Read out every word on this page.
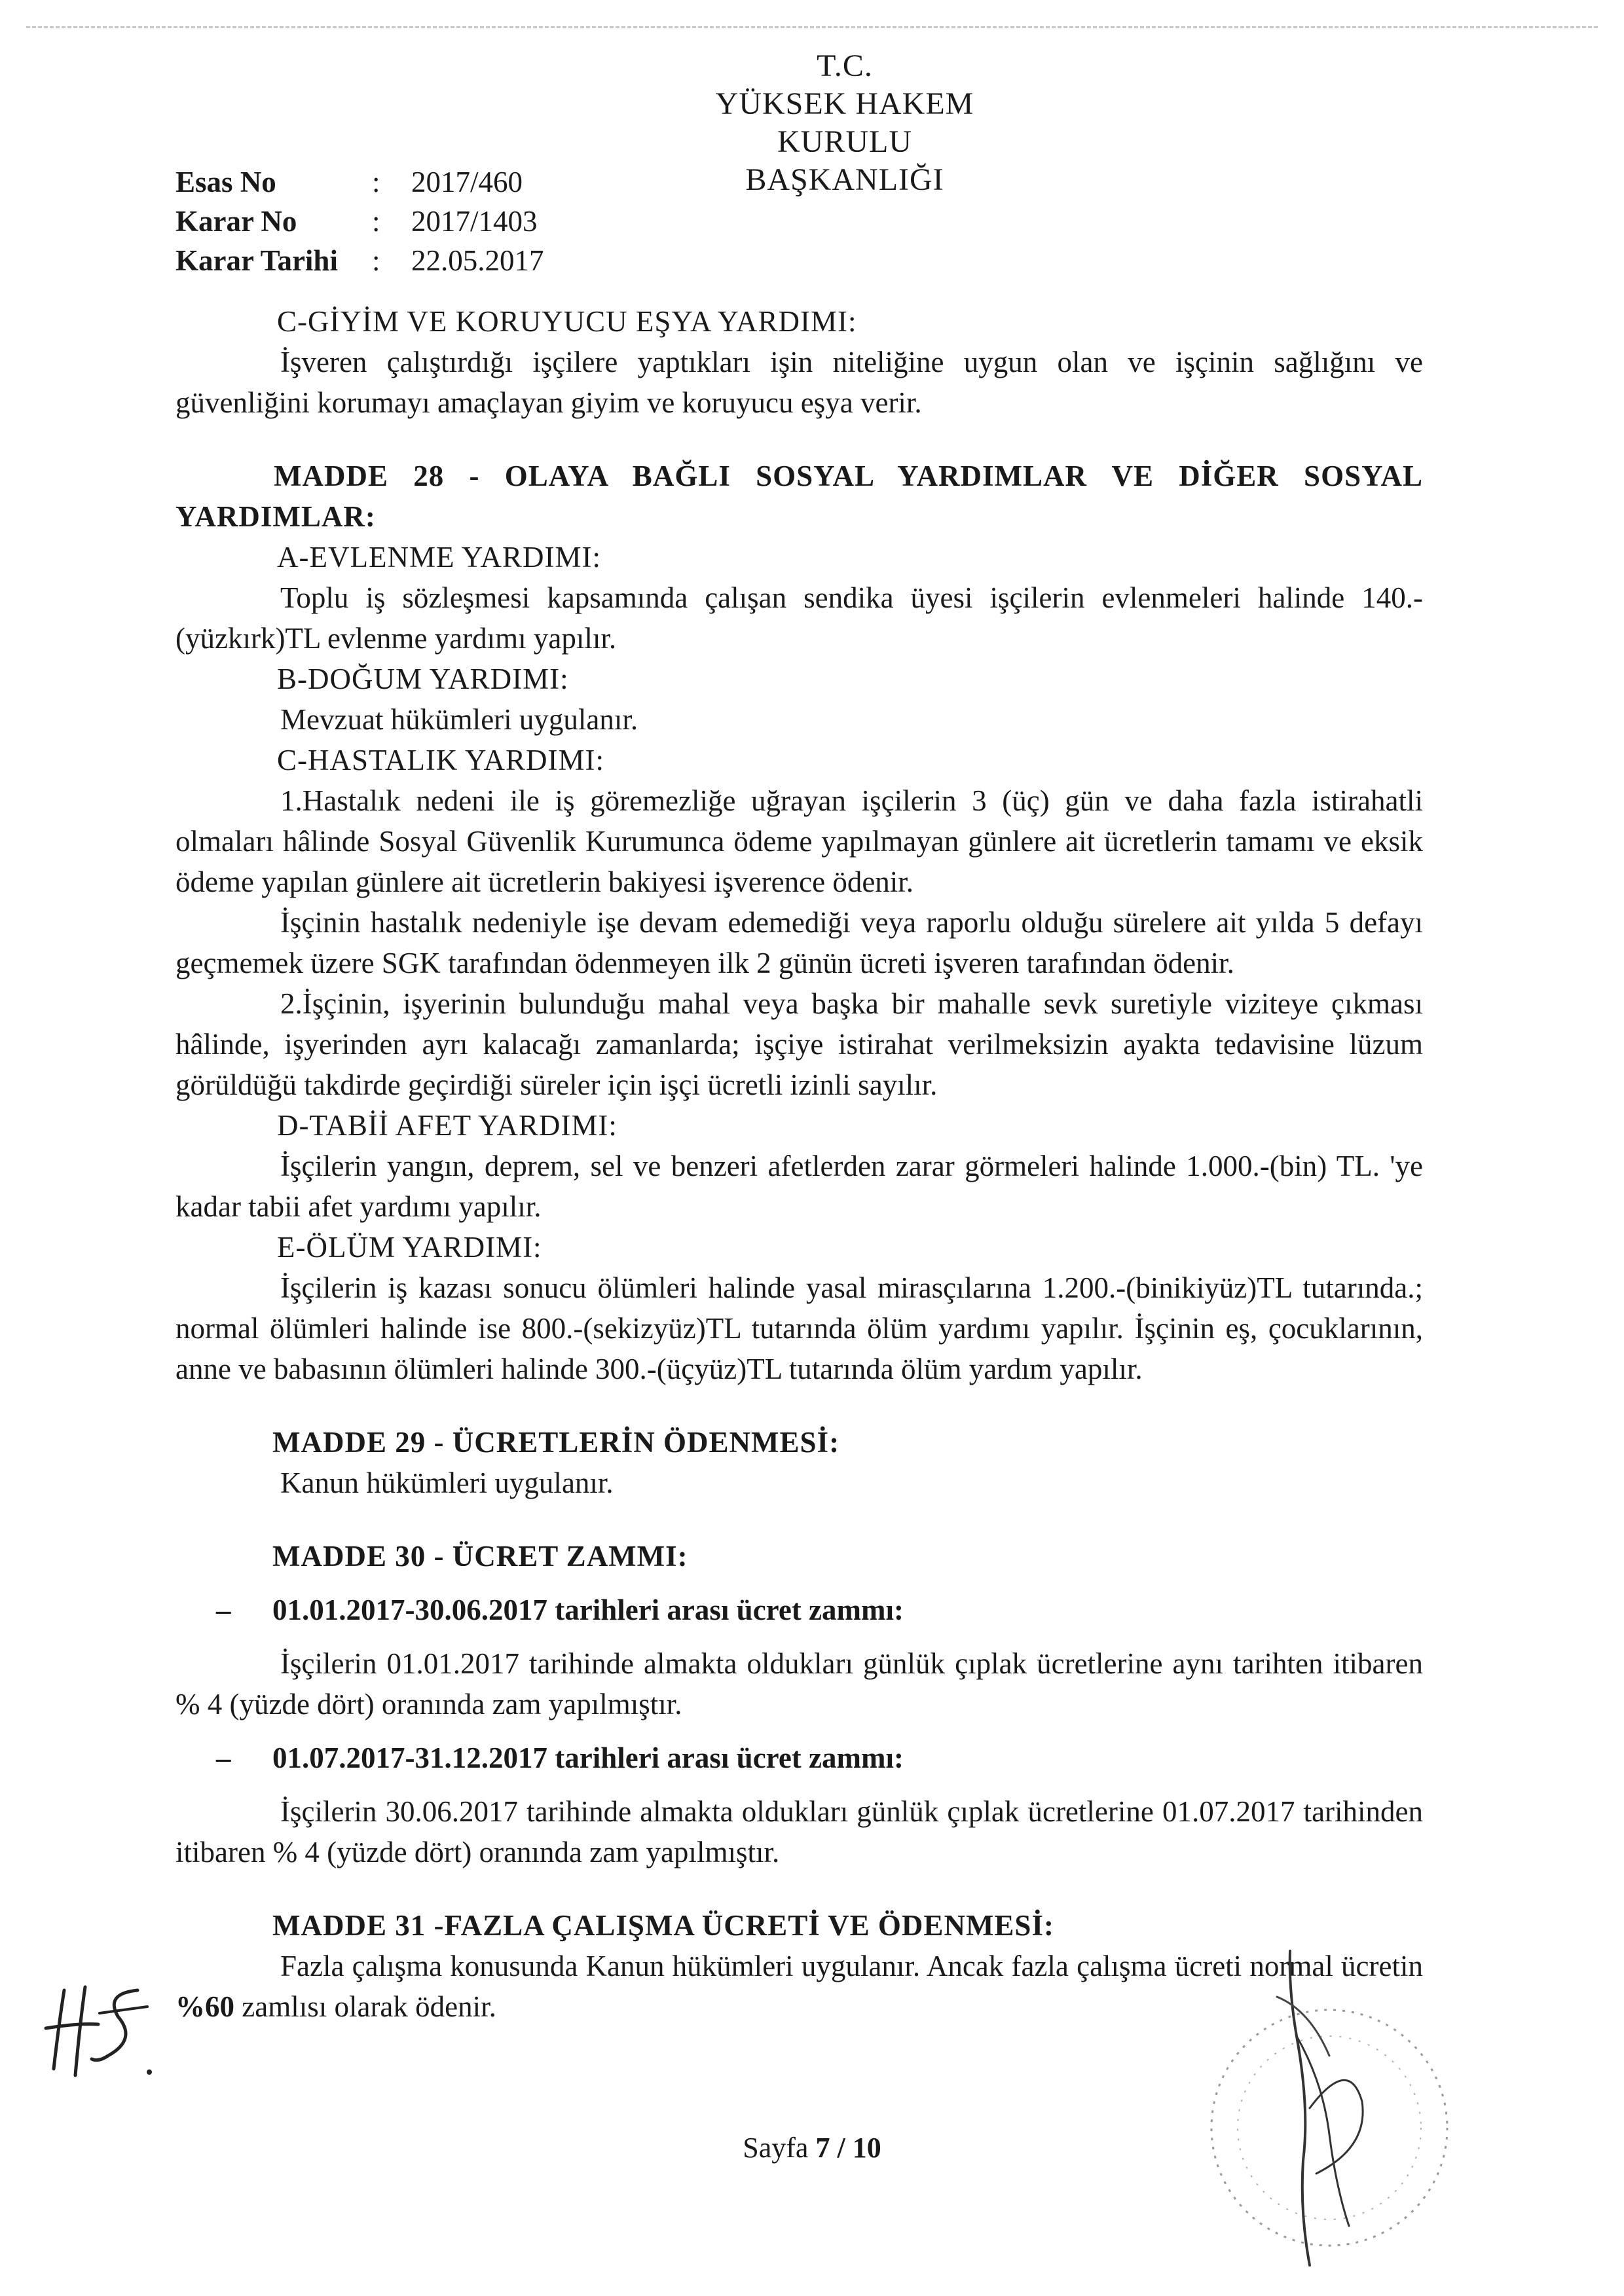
T.C.
YÜKSEK HAKEM KURULU
BAŞKANLIĞI
Esas No	:	2017/460
Karar No	:	2017/1403
Karar Tarihi	:	22.05.2017

C-GİYİM VE KORUYUCU EŞYA YARDIMI:

İşveren çalıştırdığı işçilere yaptıkları işin niteliğine uygun olan ve işçinin sağlığını ve güvenliğini korumayı amaçlayan giyim ve koruyucu eşya verir.

MADDE 28 - OLAYA BAĞLI SOSYAL YARDIMLAR VE DİĞER SOSYAL YARDIMLAR:

A-EVLENME YARDIMI:

Toplu iş sözleşmesi kapsamında çalışan sendika üyesi işçilerin evlenmeleri halinde 140.-(yüzkırk)TL evlenme yardımı yapılır.

B-DOĞUM YARDIMI:

Mevzuat hükümleri uygulanır.

C-HASTALIK YARDIMI:

1.Hastalık nedeni ile iş göremezliğe uğrayan işçilerin 3 (üç) gün ve daha fazla istirahatli olmaları hâlinde Sosyal Güvenlik Kurumunca ödeme yapılmayan günlere ait ücretlerin tamamı ve eksik ödeme yapılan günlere ait ücretlerin bakiyesi işverence ödenir.

İşçinin hastalık nedeniyle işe devam edemediği veya raporlu olduğu sürelere ait yılda 5 defayı geçmemek üzere SGK tarafından ödenmeyen ilk 2 günün ücreti işveren tarafından ödenir.

2.İşçinin, işyerinin bulunduğu mahal veya başka bir mahalle sevk suretiyle viziteye çıkması hâlinde, işyerinden ayrı kalacağı zamanlarda; işçiye istirahat verilmeksizin ayakta tedavisine lüzum görüldüğü takdirde geçirdiği süreler için işçi ücretli izinli sayılır.

D-TABİİ AFET YARDIMI:

İşçilerin yangın, deprem, sel ve benzeri afetlerden zarar görmeleri halinde 1.000.-(bin) TL. 'ye kadar tabii afet yardımı yapılır.

E-ÖLÜM YARDIMI:

İşçilerin iş kazası sonucu ölümleri halinde yasal mirasçılarına 1.200.-(binikiyüz)TL tutarında.; normal ölümleri halinde ise 800.-(sekizyüz)TL tutarında ölüm yardımı yapılır. İşçinin eş, çocuklarının, anne ve babasının ölümleri halinde 300.-(üçyüz)TL tutarında ölüm yardım yapılır.

MADDE 29 - ÜCRETLERİN ÖDENMESİ:

Kanun hükümleri uygulanır.

MADDE 30 - ÜCRET ZAMMI:

–	01.01.2017-30.06.2017 tarihleri arası ücret zammı:

İşçilerin 01.01.2017 tarihinde almakta oldukları günlük çıplak ücretlerine aynı tarihten itibaren % 4 (yüzde dört) oranında zam yapılmıştır.

–	01.07.2017-31.12.2017 tarihleri arası ücret zammı:

İşçilerin 30.06.2017 tarihinde almakta oldukları günlük çıplak ücretlerine 01.07.2017 tarihinden itibaren % 4 (yüzde dört) oranında zam yapılmıştır.

MADDE 31 -FAZLA ÇALIŞMA ÜCRETİ VE ÖDENMESİ:

Fazla çalışma konusunda Kanun hükümleri uygulanır. Ancak fazla çalışma ücreti normal ücretin %60 zamlısı olarak ödenir.

Sayfa 7 / 10
